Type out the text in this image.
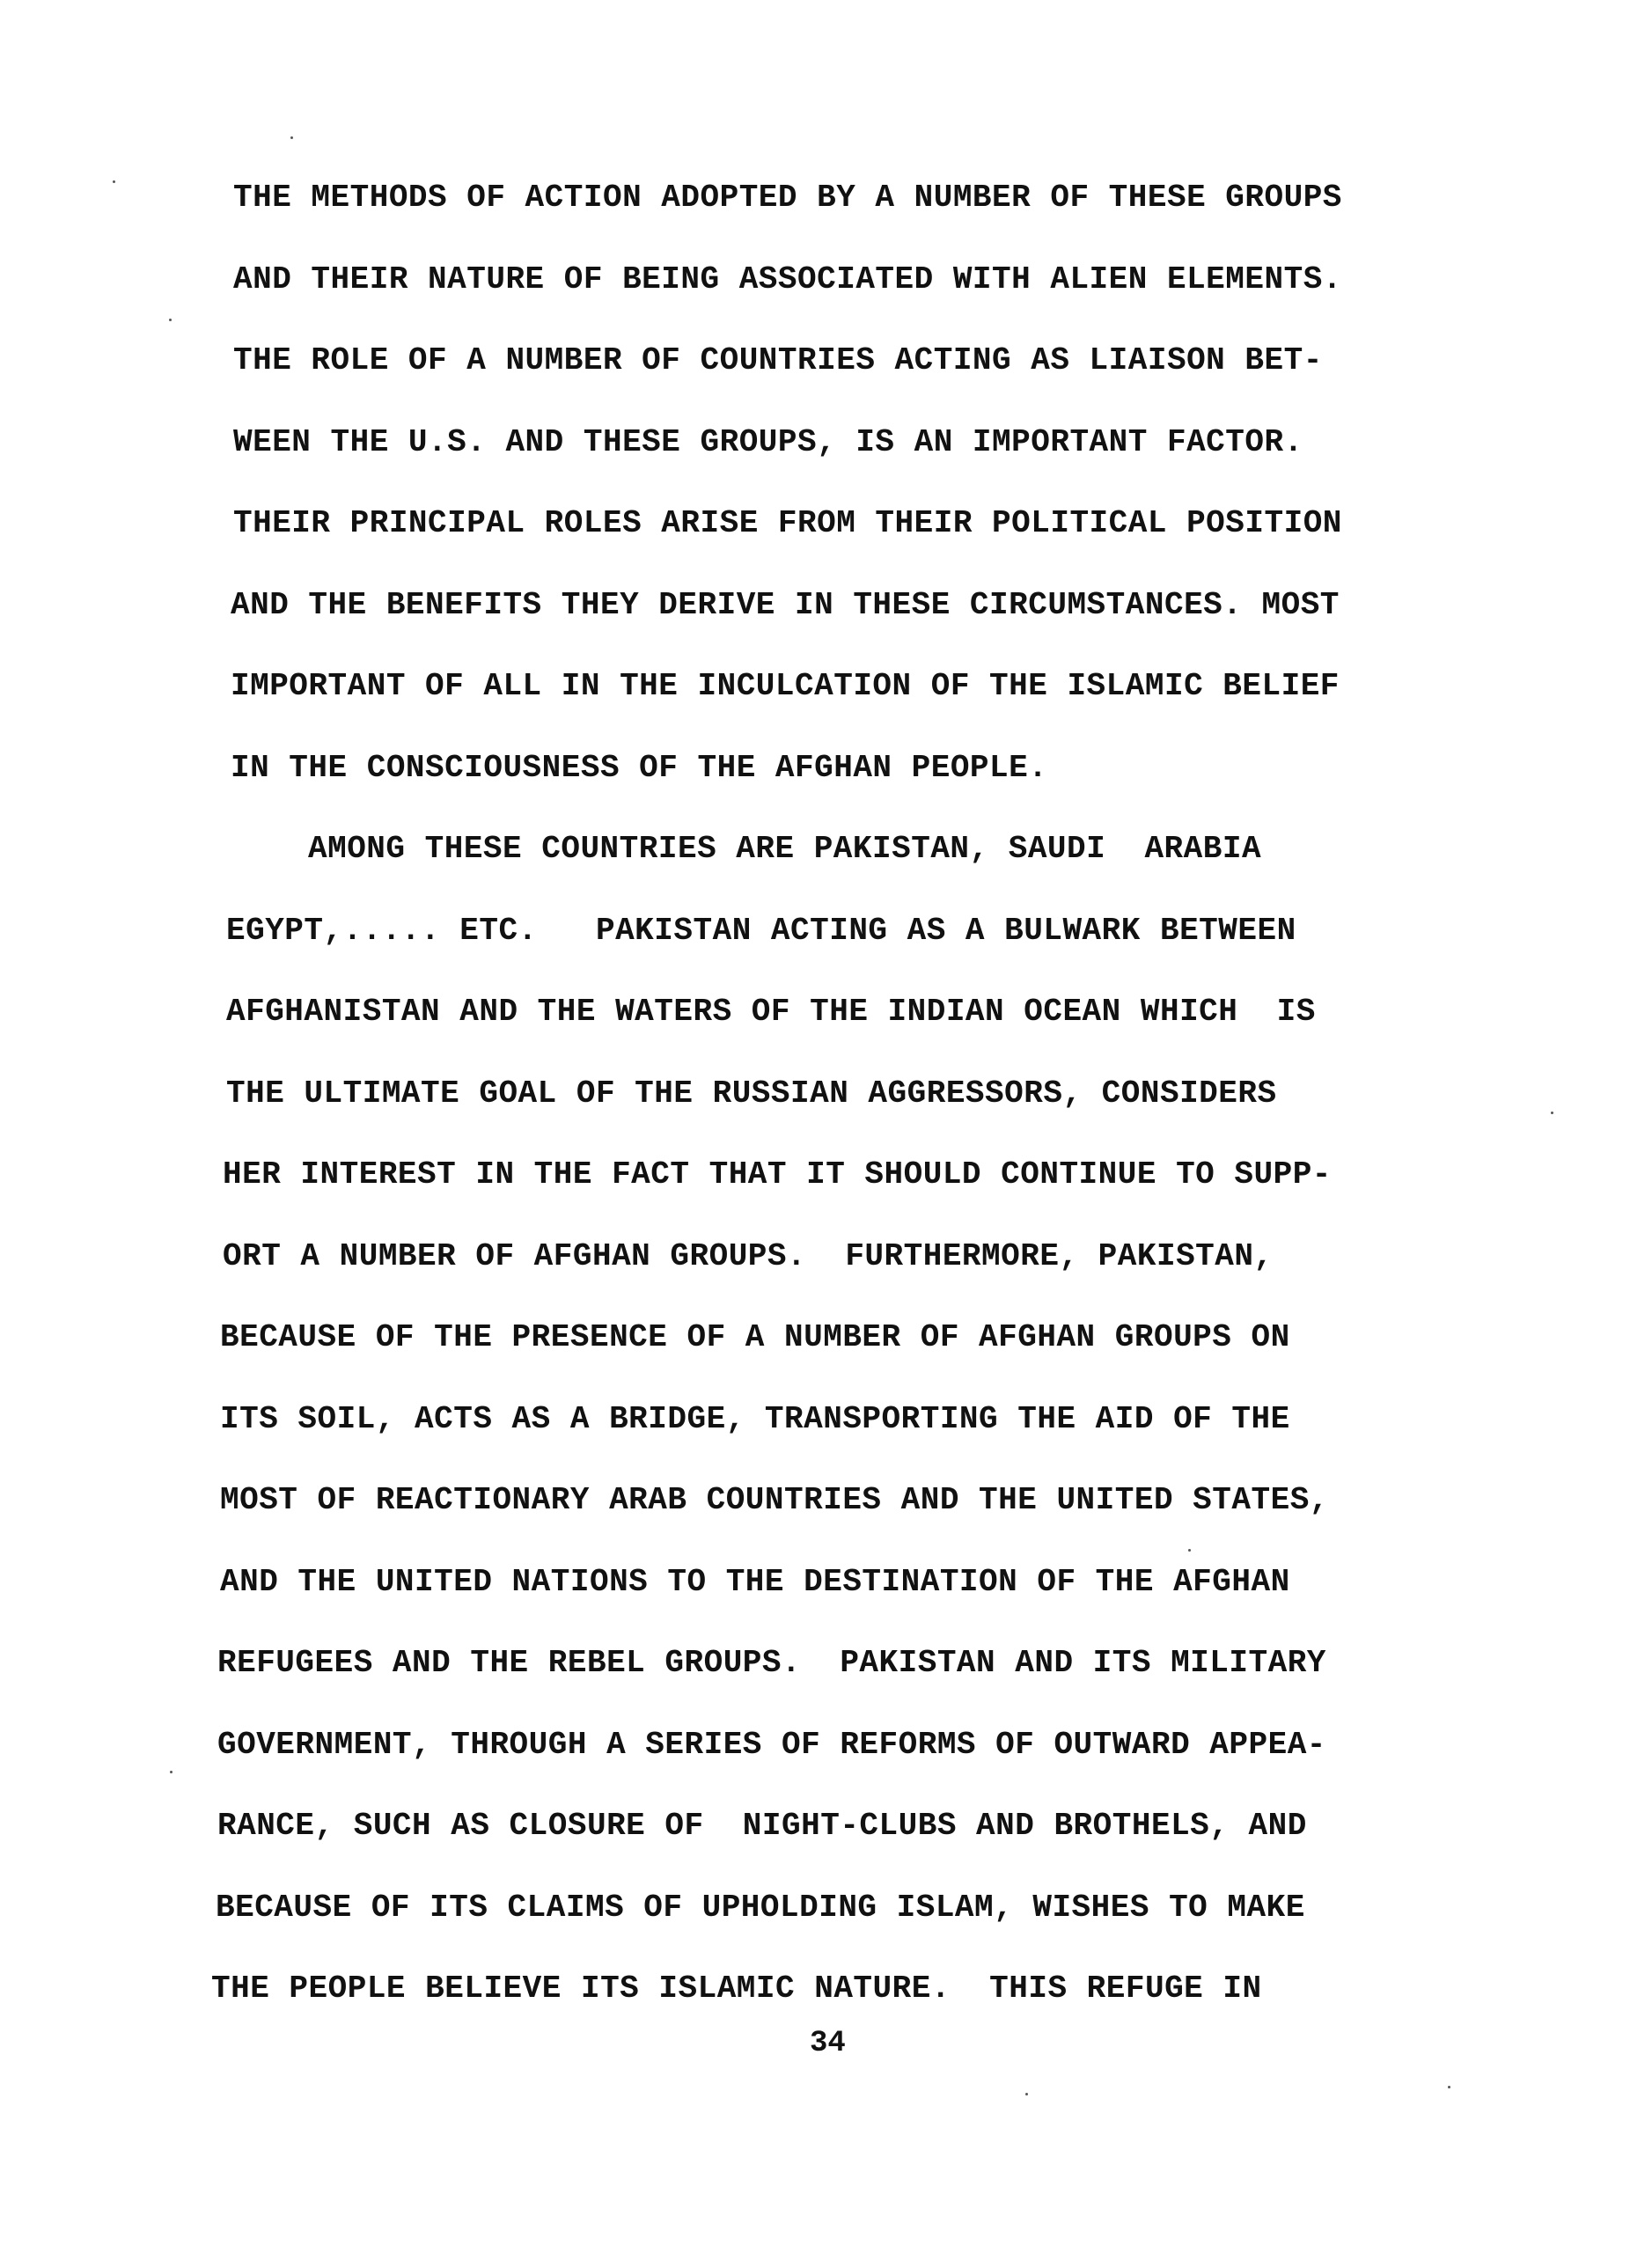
THE METHODS OF ACTION ADOPTED BY A NUMBER OF THESE GROUPS
AND THEIR NATURE OF BEING ASSOCIATED WITH ALIEN ELEMENTS.
THE ROLE OF A NUMBER OF COUNTRIES ACTING AS LIAISON BET-
WEEN THE U.S. AND THESE GROUPS, IS AN IMPORTANT FACTOR.
THEIR PRINCIPAL ROLES ARISE FROM THEIR POLITICAL POSITION
AND THE BENEFITS THEY DERIVE IN THESE CIRCUMSTANCES. MOST
IMPORTANT OF ALL IN THE INCULCATION OF THE ISLAMIC BELIEF
IN THE CONSCIOUSNESS OF THE AFGHAN PEOPLE.
AMONG THESE COUNTRIES ARE PAKISTAN, SAUDI  ARABIA
EGYPT,..... ETC.   PAKISTAN ACTING AS A BULWARK BETWEEN
AFGHANISTAN AND THE WATERS OF THE INDIAN OCEAN WHICH  IS
THE ULTIMATE GOAL OF THE RUSSIAN AGGRESSORS, CONSIDERS
HER INTEREST IN THE FACT THAT IT SHOULD CONTINUE TO SUPP-
ORT A NUMBER OF AFGHAN GROUPS.  FURTHERMORE, PAKISTAN,
BECAUSE OF THE PRESENCE OF A NUMBER OF AFGHAN GROUPS ON
ITS SOIL, ACTS AS A BRIDGE, TRANSPORTING THE AID OF THE
MOST OF REACTIONARY ARAB COUNTRIES AND THE UNITED STATES,
AND THE UNITED NATIONS TO THE DESTINATION OF THE AFGHAN
REFUGEES AND THE REBEL GROUPS.  PAKISTAN AND ITS MILITARY
GOVERNMENT, THROUGH A SERIES OF REFORMS OF OUTWARD APPEA-
RANCE, SUCH AS CLOSURE OF  NIGHT-CLUBS AND BROTHELS, AND
BECAUSE OF ITS CLAIMS OF UPHOLDING ISLAM, WISHES TO MAKE
THE PEOPLE BELIEVE ITS ISLAMIC NATURE.  THIS REFUGE IN
34
